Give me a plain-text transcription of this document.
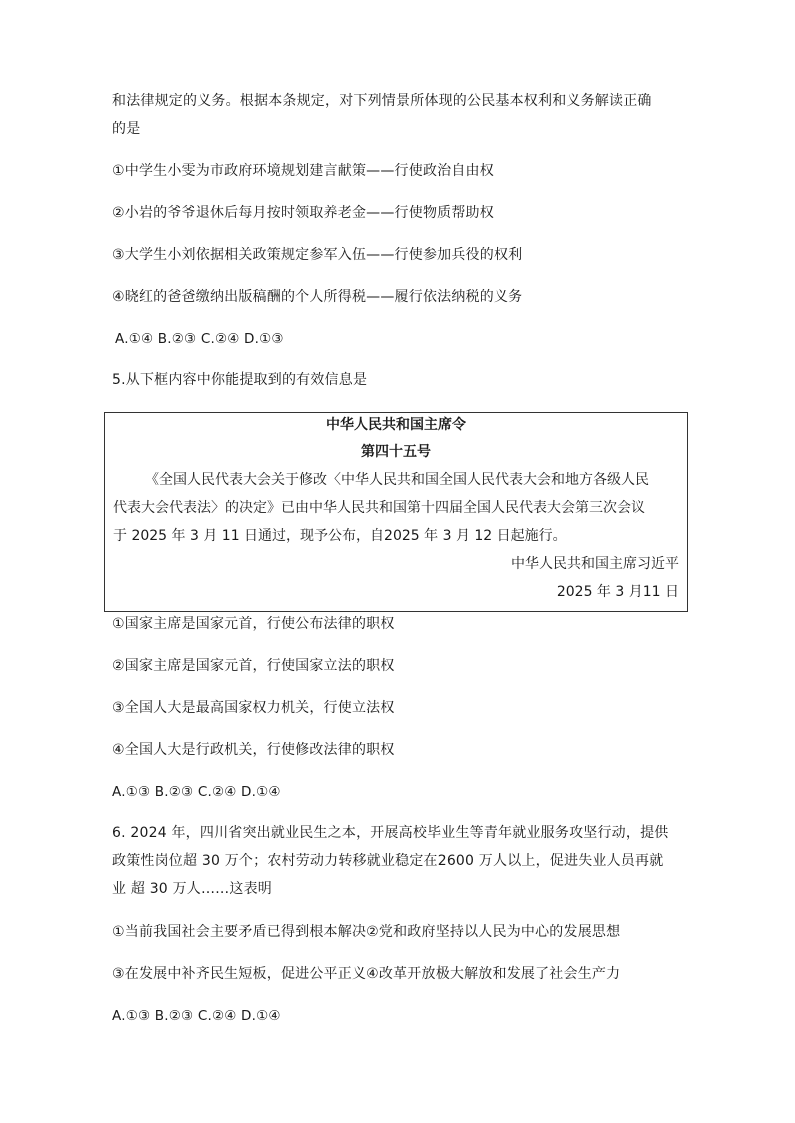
和法律规定的义务。根据本条规定，对下列情景所体现的公民基本权利和义务解读正确
的是
①中学生小雯为市政府环境规划建言献策——行使政治自由权
②小岩的爷爷退休后每月按时领取养老金——行使物质帮助权
③大学生小刘依据相关政策规定参军入伍——行使参加兵役的权利
④晓红的爸爸缴纳出版稿酬的个人所得税——履行依法纳税的义务
A.①④ B.②③ C.②④ D.①③
5.从下框内容中你能提取到的有效信息是
中华人民共和国主席令
第四十五号
《全国人民代表大会关于修改〈中华人民共和国全国人民代表大会和地方各级人民
代表大会代表法〉的决定》已由中华人民共和国第十四届全国人民代表大会第三次会议
于 2025 年 3 月 11 日通过，现予公布，自2025 年 3 月 12 日起施行。
中华人民共和国主席习近平
2025 年 3 月11 日
①国家主席是国家元首，行使公布法律的职权
②国家主席是国家元首，行使国家立法的职权
③全国人大是最高国家权力机关，行使立法权
④全国人大是行政机关，行使修改法律的职权
A.①③ B.②③ C.②④ D.①④
6. 2024 年，四川省突出就业民生之本，开展高校毕业生等青年就业服务攻坚行动，提供
政策性岗位超 30 万个；农村劳动力转移就业稳定在2600 万人以上，促进失业人员再就
业 超 30 万人……这表明
①当前我国社会主要矛盾已得到根本解决②党和政府坚持以人民为中心的发展思想
③在发展中补齐民生短板，促进公平正义④改革开放极大解放和发展了社会生产力
A.①③ B.②③ C.②④ D.①④
